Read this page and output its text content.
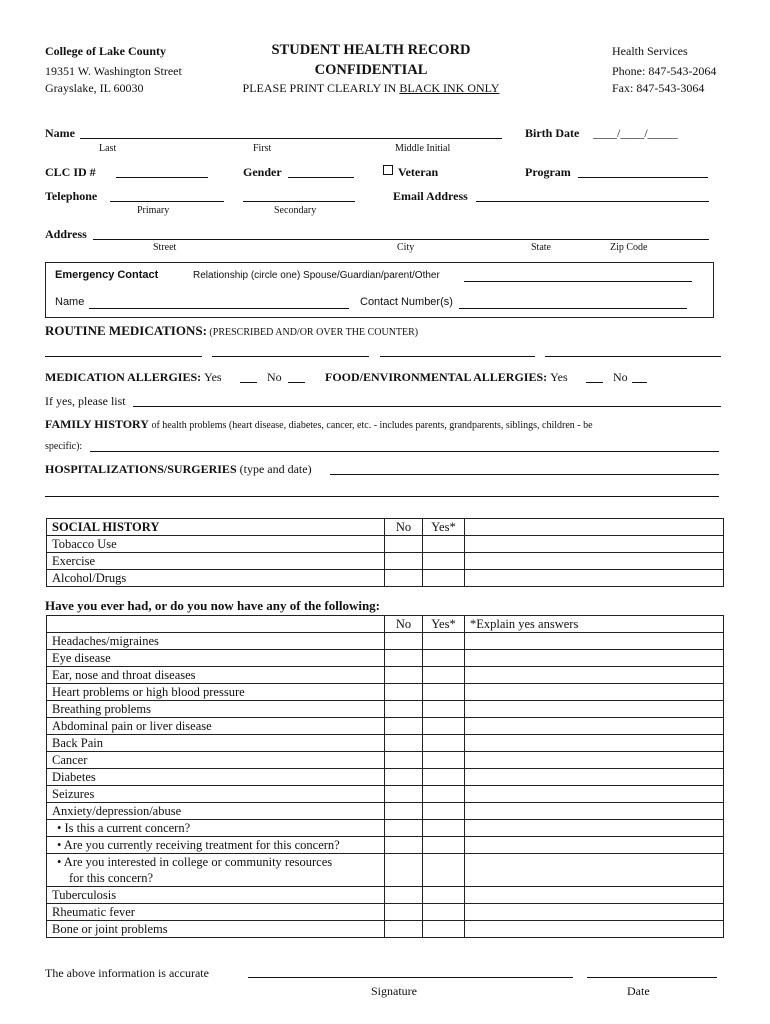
College of Lake County
19351 W. Washington Street
Grayslake, IL 60030
STUDENT HEALTH RECORD
CONFIDENTIAL
PLEASE PRINT CLEARLY IN BLACK INK ONLY
Health Services
Phone: 847-543-2064
Fax: 847-543-3064
Name	Birth Date ____/____/_____
Last	First	Middle Initial
CLC ID #	Gender	Veteran	Program
Telephone	Email Address
Primary	Secondary
Address
Street	City	State	Zip Code
Emergency Contact	Relationship (circle one) Spouse/Guardian/parent/Other
Name	Contact Number(s)
ROUTINE MEDICATIONS: (PRESCRIBED AND/OR OVER THE COUNTER)
MEDICATION ALLERGIES: Yes	No	FOOD/ENVIRONMENTAL ALLERGIES: Yes	No
If yes, please list
FAMILY HISTORY of health problems (heart disease, diabetes, cancer, etc. - includes parents, grandparents, siblings, children - be
specific):
HOSPITALIZATIONS/SURGERIES (type and date)
SOCIAL HISTORY	No	Yes*	
Tobacco Use			
Exercise			
Alcohol/Drugs			
Have you ever had, or do you now have any of the following:
	No	Yes*	*Explain yes answers
Headaches/migraines			
Eye disease			
Ear, nose and throat diseases			
Heart problems or high blood pressure			
Breathing problems			
Abdominal pain or liver disease			
Back Pain			
Cancer			
Diabetes			
Seizures			
Anxiety/depression/abuse			
• Is this a current concern?			
• Are you currently receiving treatment for this concern?			

• Are you interested in college or community resources
for this concern?			

Tuberculosis			
Rheumatic fever			
Bone or joint problems			
The above information is accurate
Signature	Date
